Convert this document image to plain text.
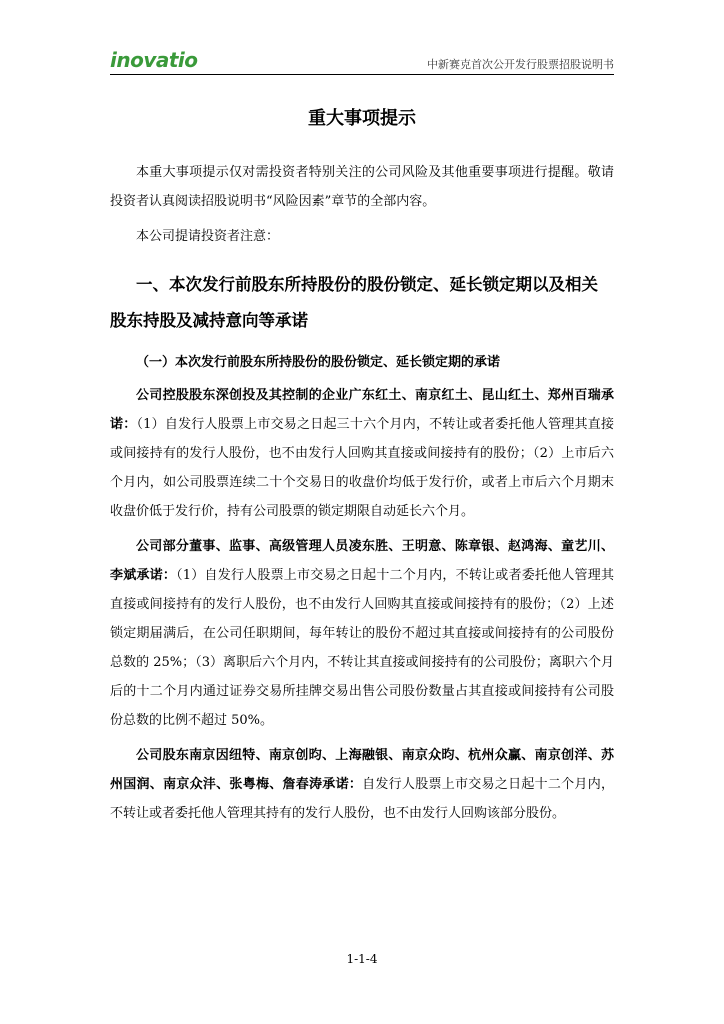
inovatio	中新赛克首次公开发行股票招股说明书
重大事项提示

本重大事项提示仅对需投资者特别关注的公司风险及其他重要事项进行提醒。敬请投资者认真阅读招股说明书“风险因素”章节的全部内容。

本公司提请投资者注意：

一、本次发行前股东所持股份的股份锁定、延长锁定期以及相关股东持股及减持意向等承诺
（一）本次发行前股东所持股份的股份锁定、延长锁定期的承诺

公司控股股东深创投及其控制的企业广东红土、南京红土、昆山红土、郑州百瑞承诺：（1）自发行人股票上市交易之日起三十六个月内，不转让或者委托他人管理其直接或间接持有的发行人股份，也不由发行人回购其直接或间接持有的股份；（2）上市后六个月内，如公司股票连续二十个交易日的收盘价均低于发行价，或者上市后六个月期末收盘价低于发行价，持有公司股票的锁定期限自动延长六个月。

公司部分董事、监事、高级管理人员凌东胜、王明意、陈章银、赵鸿海、童艺川、李斌承诺：（1）自发行人股票上市交易之日起十二个月内，不转让或者委托他人管理其直接或间接持有的发行人股份，也不由发行人回购其直接或间接持有的股份；（2）上述锁定期届满后，在公司任职期间，每年转让的股份不超过其直接或间接持有的公司股份总数的 25%；（3）离职后六个月内，不转让其直接或间接持有的公司股份；离职六个月后的十二个月内通过证券交易所挂牌交易出售公司股份数量占其直接或间接持有公司股份总数的比例不超过 50%。

公司股东南京因纽特、南京创昀、上海融银、南京众昀、杭州众赢、南京创洋、苏州国润、南京众沣、张粤梅、詹春涛承诺：自发行人股票上市交易之日起十二个月内，不转让或者委托他人管理其持有的发行人股份，也不由发行人回购该部分股份。

1-1-4
